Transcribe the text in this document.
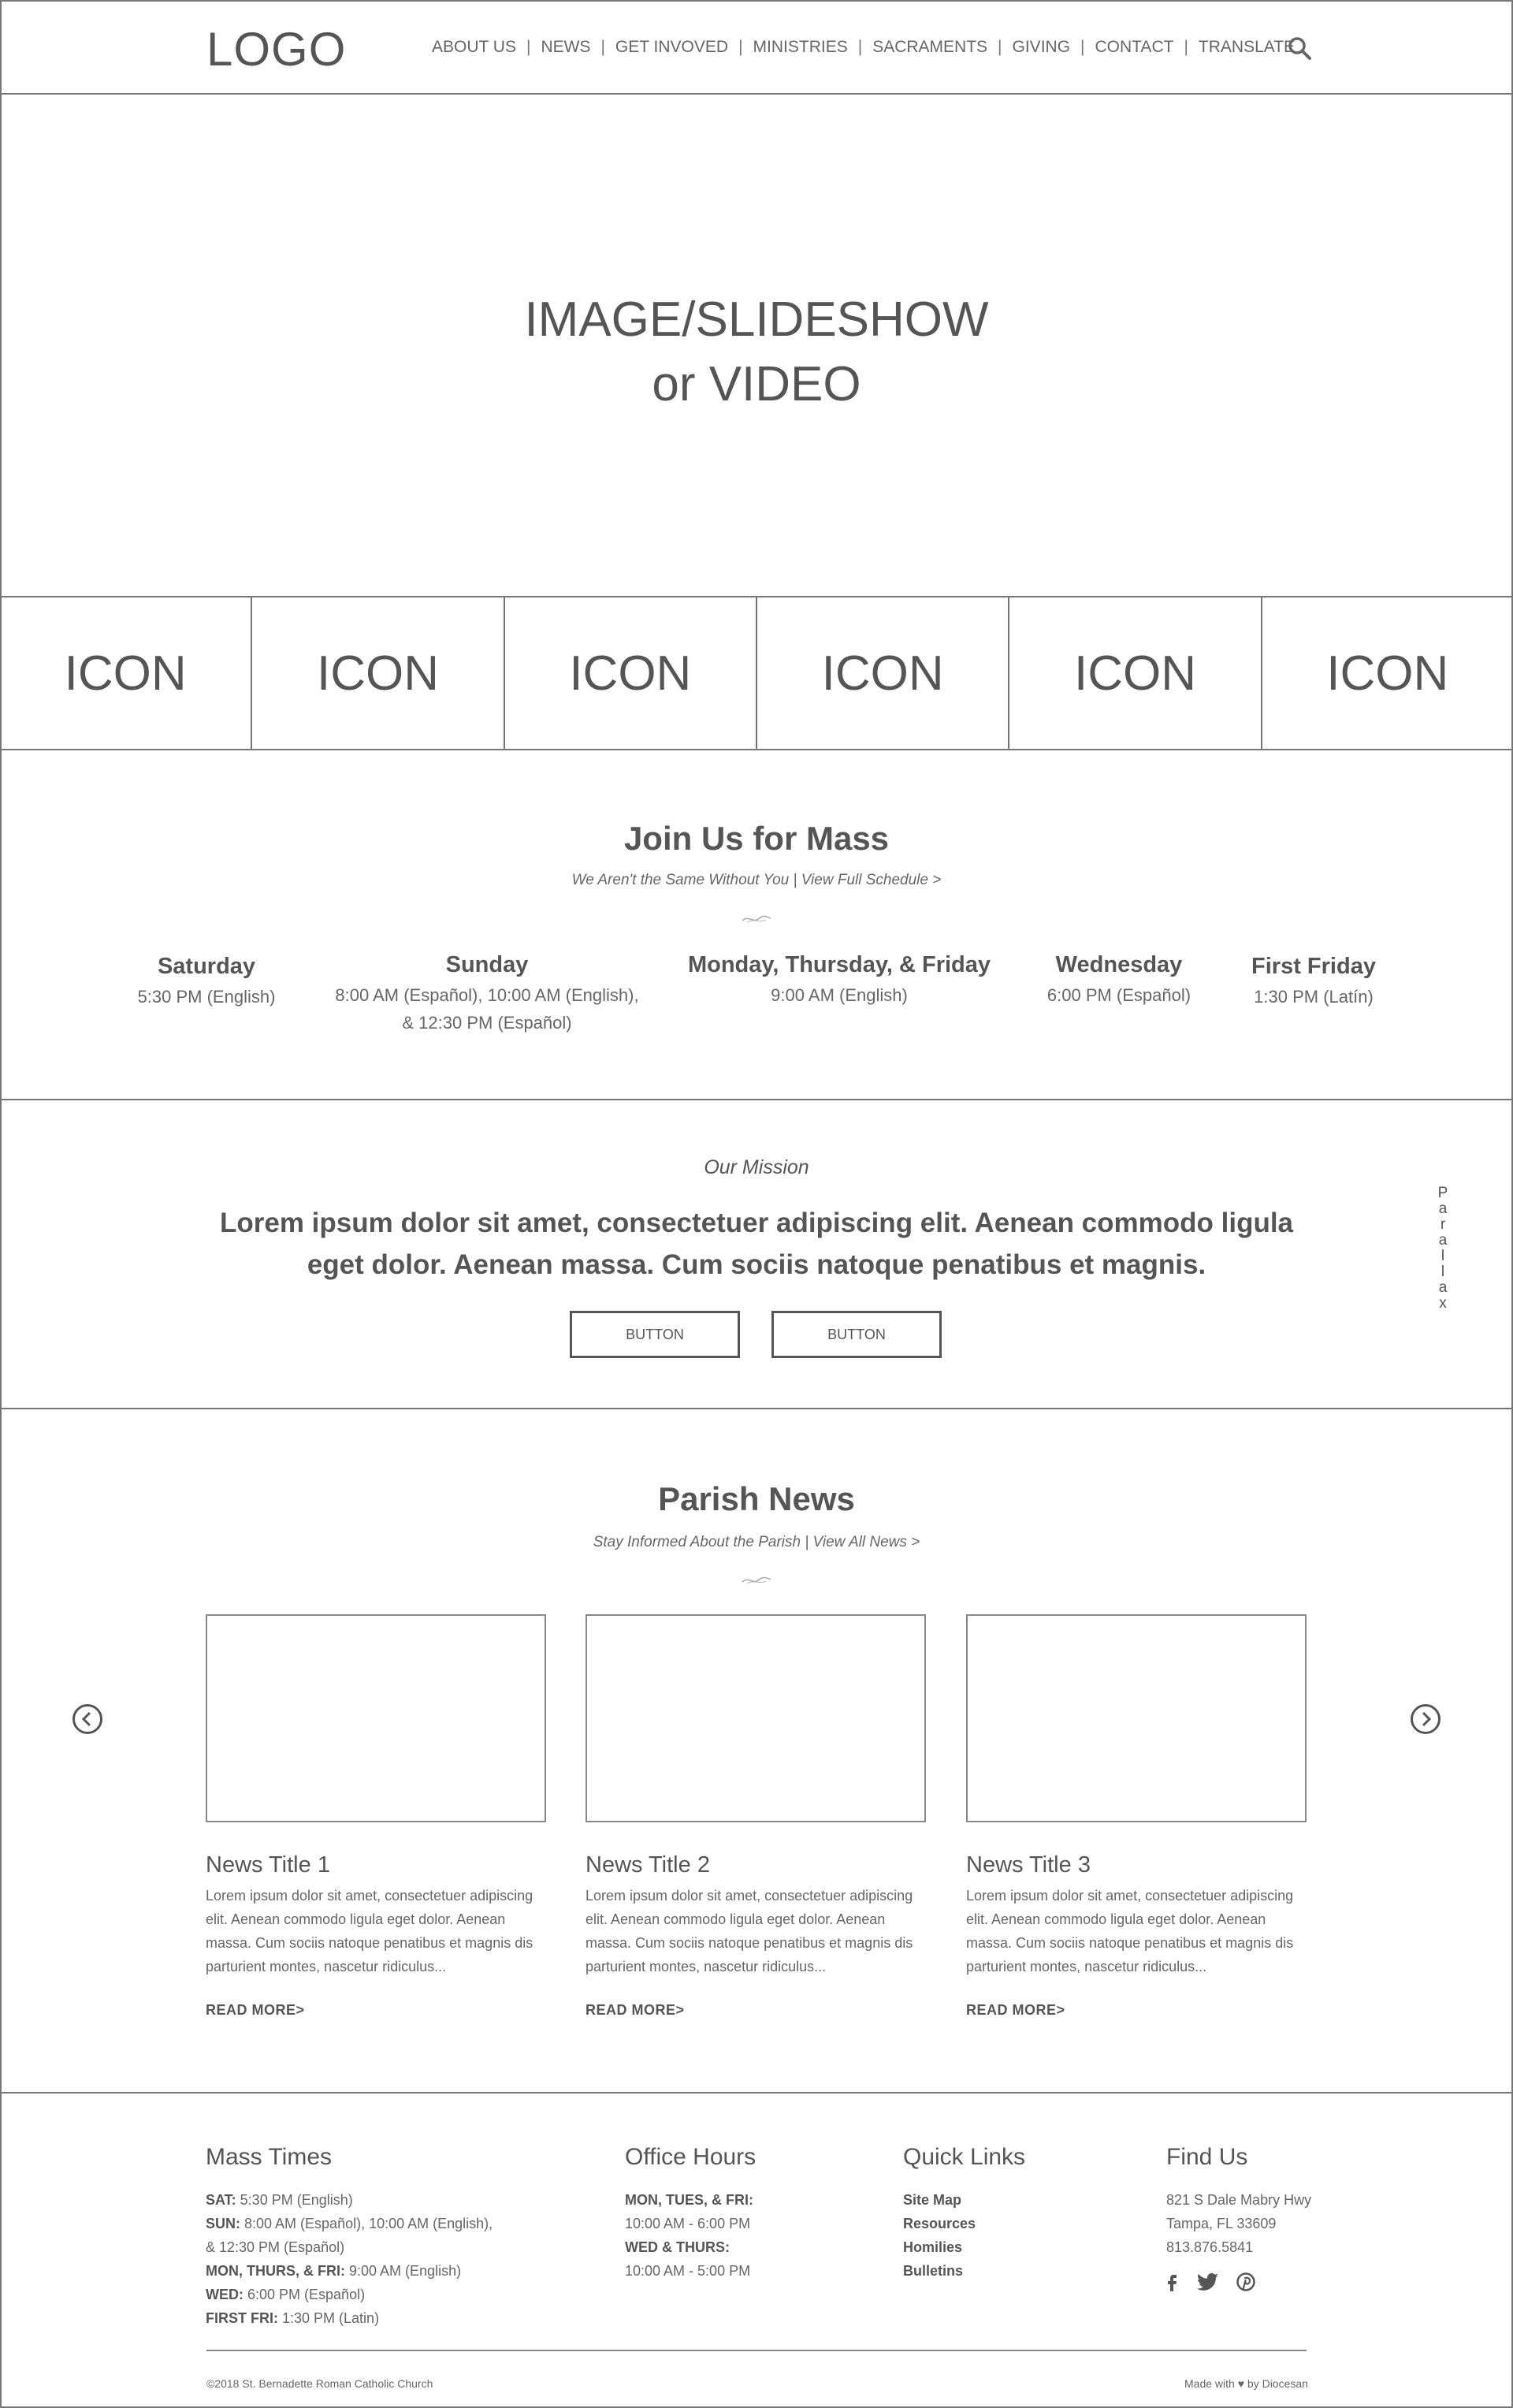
LOGO	ABOUT US | NEWS | GET INVOVED | MINISTRIES | SACRAMENTS | GIVING | CONTACT | TRANSLATE
IMAGE/SLIDESHOW
or VIDEO
ICON	ICON	ICON	ICON	ICON	ICON
Join Us for Mass
We Aren't the Same Without You | View Full Schedule >
Saturday
5:30 PM (English)
Sunday
8:00 AM (Español), 10:00 AM (English),
& 12:30 PM (Español)
Monday, Thursday, & Friday
9:00 AM (English)
Wednesday
6:00 PM (Español)
First Friday
1:30 PM (Latín)
Our Mission
Lorem ipsum dolor sit amet, consectetuer adipiscing elit. Aenean commodo ligula eget dolor. Aenean massa. Cum sociis natoque penatibus et magnis.
BUTTON	BUTTON
P
a
r
a
l
l
a
x
Parish News
Stay Informed About the Parish | View All News >
News Title 1
Lorem ipsum dolor sit amet, consectetuer adipiscing elit. Aenean commodo ligula eget dolor. Aenean massa. Cum sociis natoque penatibus et magnis dis parturient montes, nascetur ridiculus...
READ MORE>
News Title 2
Lorem ipsum dolor sit amet, consectetuer adipiscing elit. Aenean commodo ligula eget dolor. Aenean massa. Cum sociis natoque penatibus et magnis dis parturient montes, nascetur ridiculus...
READ MORE>
News Title 3
Lorem ipsum dolor sit amet, consectetuer adipiscing elit. Aenean commodo ligula eget dolor. Aenean massa. Cum sociis natoque penatibus et magnis dis parturient montes, nascetur ridiculus...
READ MORE>
Mass Times
SAT: 5:30 PM (English)
SUN: 8:00 AM (Español), 10:00 AM (English),
& 12:30 PM (Español)
MON, THURS, & FRI: 9:00 AM (English)
WED: 6:00 PM (Español)
FIRST FRI: 1:30 PM (Latin)
Office Hours
MON, TUES, & FRI:
10:00 AM - 6:00 PM
WED & THURS:
10:00 AM - 5:00 PM
Quick Links
Site Map
Resources
Homilies
Bulletins
Find Us
821 S Dale Mabry Hwy
Tampa, FL 33609
813.876.5841
©2018 St. Bernadette Roman Catholic Church	Made with ♥ by Diocesan
